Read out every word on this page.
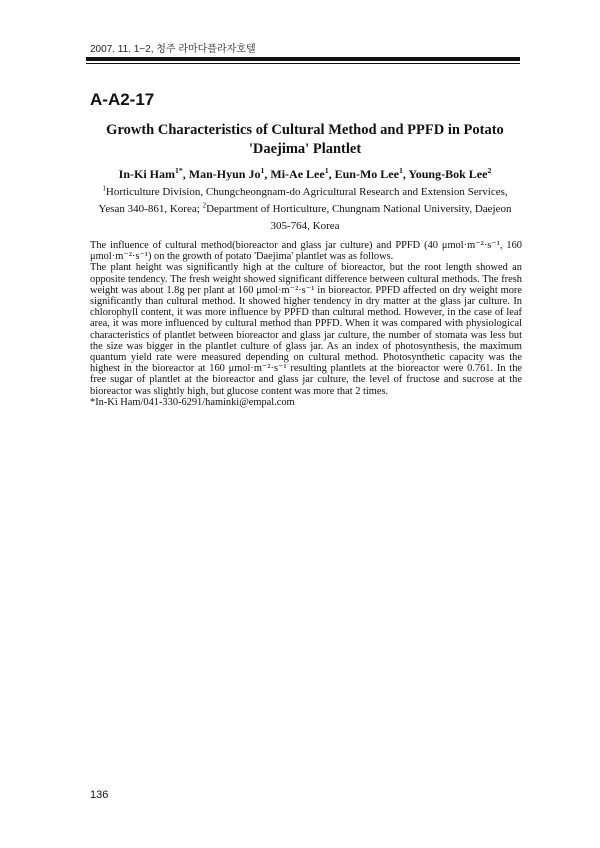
2007. 11. 1~2, 청주 라마다플라자호텔
A-A2-17
Growth Characteristics of Cultural Method and PPFD in Potato
'Daejima' Plantlet
In-Ki Ham$^{1*}$, Man-Hyun Jo$^1$, Mi-Ae Lee$^1$, Eun-Mo Lee$^1$, Young-Bok Lee$^2$
$^1$Horticulture Division, Chungcheongnam-do Agricultural Research and Extension Services, Yesan 340-861, Korea; $^2$Department of Horticulture, Chungnam National University, Daejeon 305-764, Korea

The influence of cultural method(bioreactor and glass jar culture) and PPFD (40 μmol·m⁻²·s⁻¹, 160 μmol·m⁻²·s⁻¹) on the growth of potato 'Daejima' plantlet was as follows.

The plant height was significantly high at the culture of bioreactor, but the root length showed an opposite tendency. The fresh weight showed significant difference between cultural methods. The fresh weight was about 1.8g per plant at 160 μmol·m⁻²·s⁻¹ in bioreactor. PPFD affected on dry weight more significantly than cultural method. It showed higher tendency in dry matter at the glass jar culture. In chlorophyll content, it was more influence by PPFD than cultural method. However, in the case of leaf area, it was more influenced by cultural method than PPFD. When it was compared with physiological characteristics of plantlet between bioreactor and glass jar culture, the number of stomata was less but the size was bigger in the plantlet culture of glass jar. As an index of photosynthesis, the maximum quantum yield rate were measured depending on cultural method. Photosynthetic capacity was the highest in the bioreactor at 160 μmol·m⁻²·s⁻¹ resulting plantlets at the bioreactor were 0.761. In the free sugar of plantlet at the bioreactor and glass jar culture, the level of fructose and sucrose at the bioreactor was slightly high, but glucose content was more that 2 times.

*In-Ki Ham/041-330-6291/haminki@empal.com

136
